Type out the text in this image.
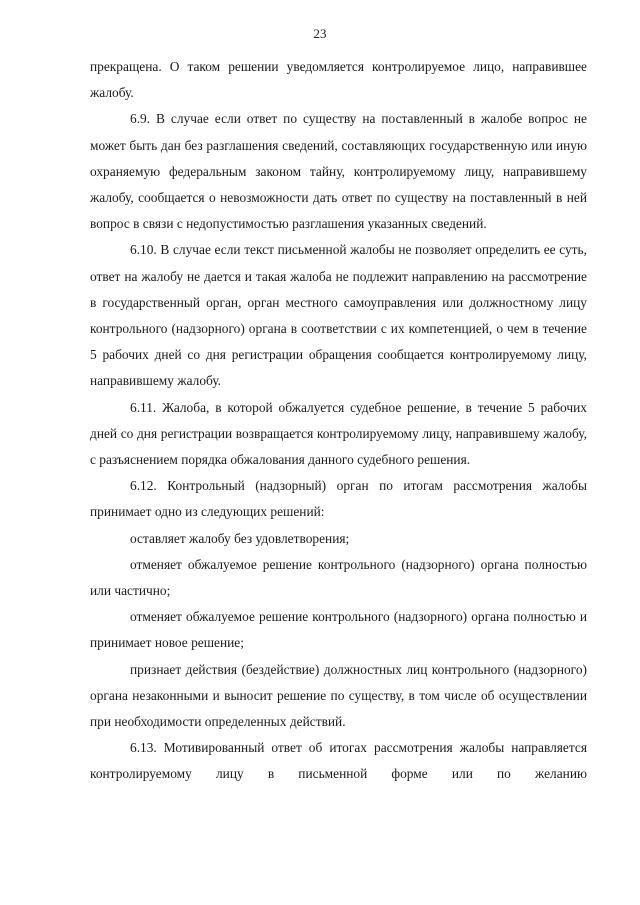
23

прекращена. О таком решении уведомляется контролируемое лицо, направившее жалобу.

6.9. В случае если ответ по существу на поставленный в жалобе вопрос не может быть дан без разглашения сведений, составляющих государственную или иную охраняемую федеральным законом тайну, контролируемому лицу, направившему жалобу, сообщается о невозможности дать ответ по существу на поставленный в ней вопрос в связи с недопустимостью разглашения указанных сведений.

6.10. В случае если текст письменной жалобы не позволяет определить ее суть, ответ на жалобу не дается и такая жалоба не подлежит направлению на рассмотрение в государственный орган, орган местного самоуправления или должностному лицу контрольного (надзорного) органа в соответствии с их компетенцией, о чем в течение 5 рабочих дней со дня регистрации обращения сообщается контролируемому лицу, направившему жалобу.

6.11. Жалоба, в которой обжалуется судебное решение, в течение 5 рабочих дней со дня регистрации возвращается контролируемому лицу, направившему жалобу, с разъяснением порядка обжалования данного судебного решения.

6.12. Контрольный (надзорный) орган по итогам рассмотрения жалобы принимает одно из следующих решений:

оставляет жалобу без удовлетворения;

отменяет обжалуемое решение контрольного (надзорного) органа полностью или частично;

отменяет обжалуемое решение контрольного (надзорного) органа полностью и принимает новое решение;

признает действия (бездействие) должностных лиц контрольного (надзорного) органа незаконными и выносит решение по существу, в том числе об осуществлении при необходимости определенных действий.

6.13. Мотивированный ответ об итогах рассмотрения жалобы направляется контролируемому лицу в письменной форме или по желанию
